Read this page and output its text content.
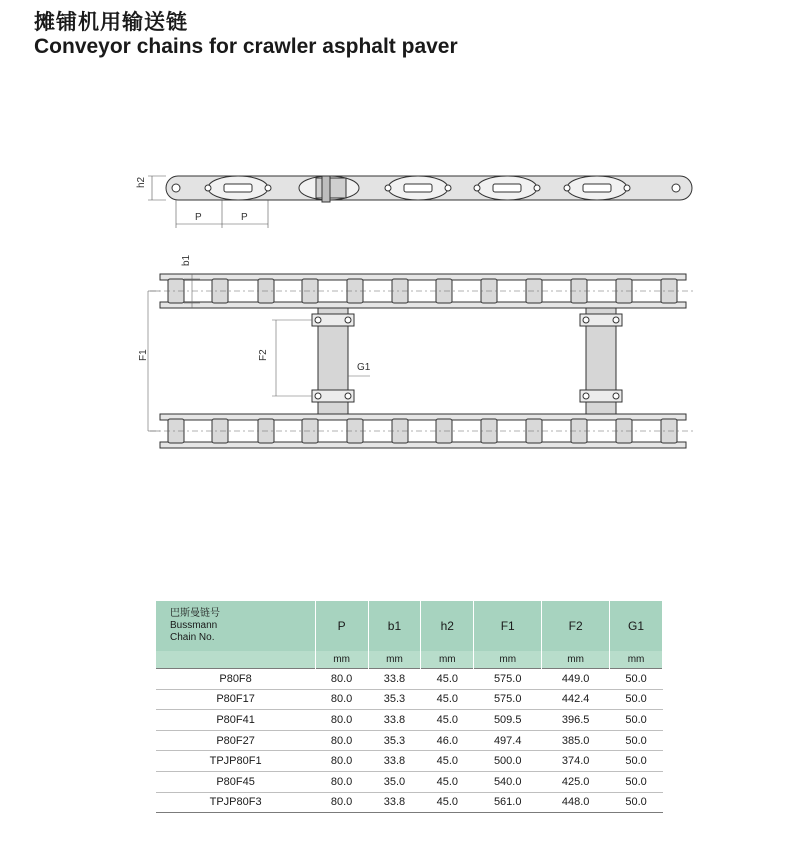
摊铺机用输送链
Conveyor chains for crawler asphalt paver
h2
P	P
F1	F2
b1
G1
巴斯曼链号
Bussmann
Chain No.	P	b1	h2	F1	F2	G1
	mm	mm	mm	mm	mm	mm
P80F8	80.0	33.8	45.0	575.0	449.0	50.0
P80F17	80.0	35.3	45.0	575.0	442.4	50.0
P80F41	80.0	33.8	45.0	509.5	396.5	50.0
P80F27	80.0	35.3	46.0	497.4	385.0	50.0
TPJP80F1	80.0	33.8	45.0	500.0	374.0	50.0
P80F45	80.0	35.0	45.0	540.0	425.0	50.0
TPJP80F3	80.0	33.8	45.0	561.0	448.0	50.0
